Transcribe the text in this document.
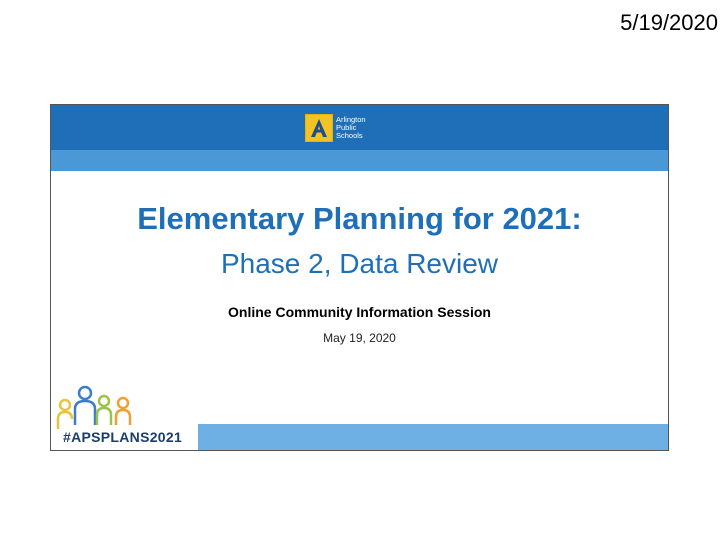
5/19/2020
Arlington
Public
Schools
Elementary Planning for 2021:
Phase 2, Data Review
Online Community Information Session
May 19, 2020
#APSPLANS2021
